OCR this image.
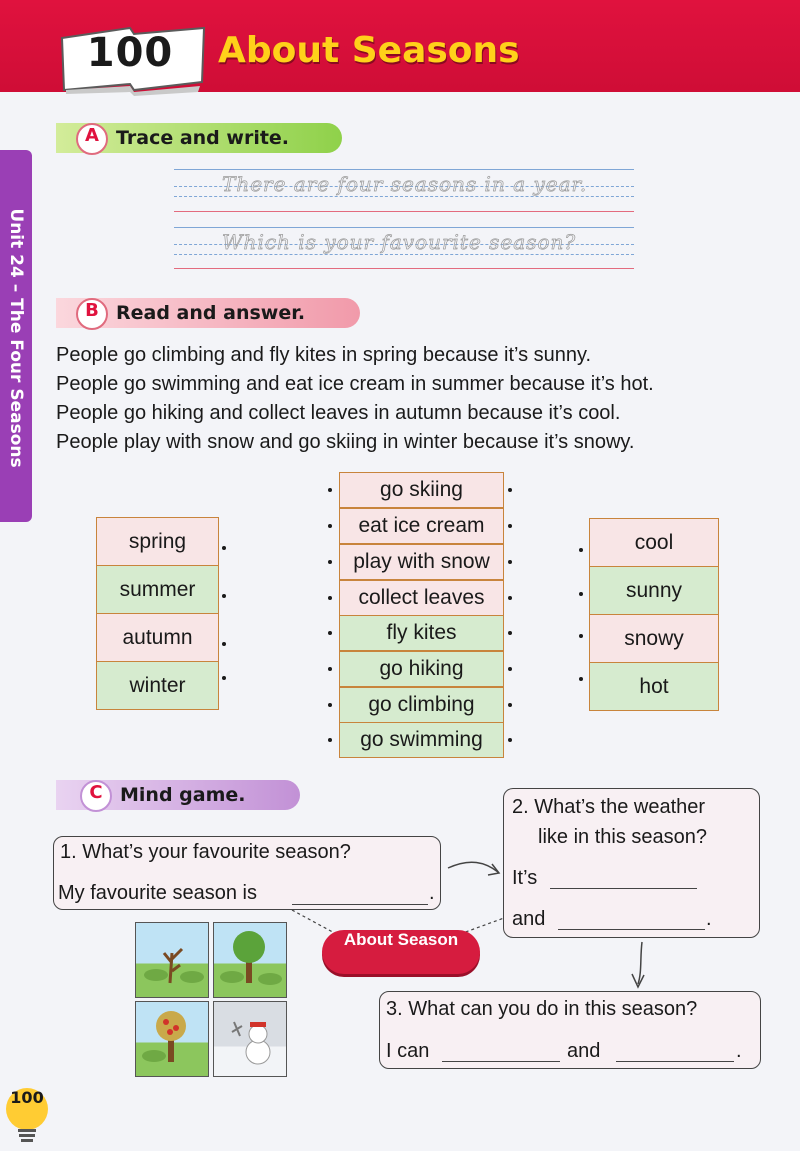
100	About Seasons
Unit 24 – The Four Seasons
A Trace and write.
There are four seasons in a year.
Which is your favourite season?
B Read and answer.
People go climbing and fly kites in spring because it’s sunny.
People go swimming and eat ice cream in summer because it’s hot.
People go hiking and collect leaves in autumn because it’s cool.
People play with snow and go skiing in winter because it’s snowy.
spring
summer
autumn
winter
go skiing
eat ice cream
play with snow
collect leaves
fly kites
go hiking
go climbing
go swimming
cool
sunny
snowy
hot
C Mind game.
1. What’s your favourite season?
My favourite season is	.
2. What’s the weather
like in this season?
It’s
and	.
3. What can you do in this season?
I can	and	.
About Season
100
